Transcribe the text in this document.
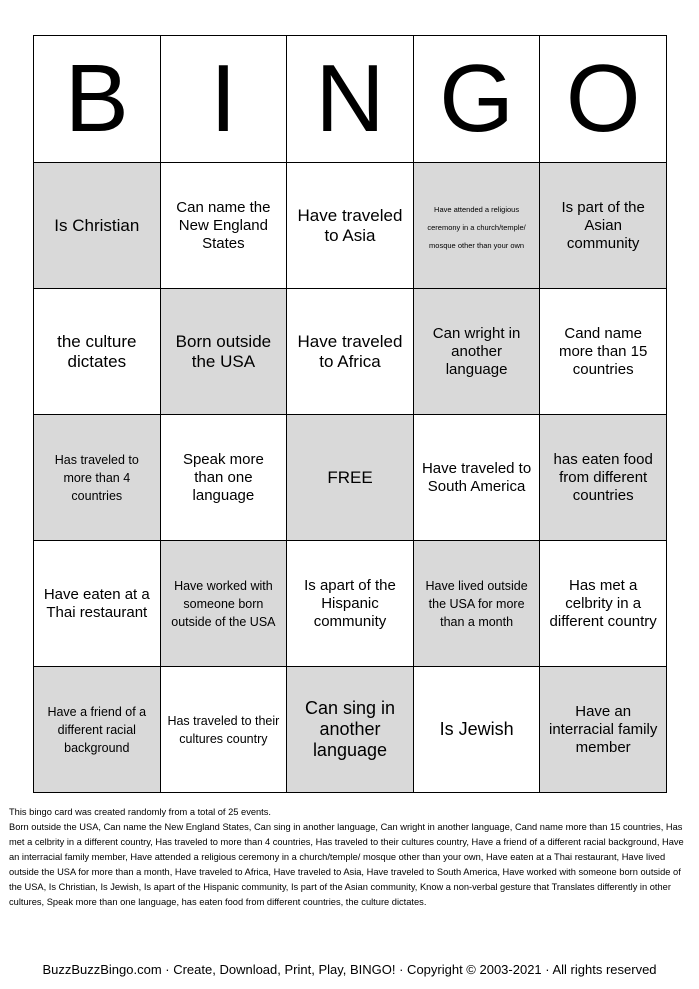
B	I	N	G	O
Is Christian	Can name the New England States	Have traveled to Asia	Have attended a religious ceremony in a church/temple/ mosque other than your own	Is part of the Asian community
the culture dictates	Born outside the USA	Have traveled to Africa	Can wright in another language	Cand name more than 15 countries
Has traveled to more than 4 countries	Speak more than one language	FREE	Have traveled to South America	has eaten food from different countries
Have eaten at a Thai restaurant	Have worked with someone born outside of the USA	Is apart of the Hispanic community	Have lived outside the USA for more than a month	Has met a celbrity in a different country
Have a friend of a different racial background	Has traveled to their cultures country	Can sing in another language	Is Jewish	Have an interracial family member

This bingo card was created randomly from a total of 25 events.

Born outside the USA, Can name the New England States, Can sing in another language, Can wright in another language, Cand name more than 15 countries, Has met a celbrity in a different country, Has traveled to more than 4 countries, Has traveled to their cultures country, Have a friend of a different racial background, Have an interracial family member, Have attended a religious ceremony in a church/temple/ mosque other than your own, Have eaten at a Thai restaurant, Have lived outside the USA for more than a month, Have traveled to Africa, Have traveled to Asia, Have traveled to South America, Have worked with someone born outside of the USA, Is Christian, Is Jewish, Is apart of the Hispanic community, Is part of the Asian community, Know a non-verbal gesture that Translates differently in other cultures, Speak more than one language, has eaten food from different countries, the culture dictates.

BuzzBuzzBingo.com · Create, Download, Print, Play, BINGO! · Copyright © 2003-2021 · All rights reserved
